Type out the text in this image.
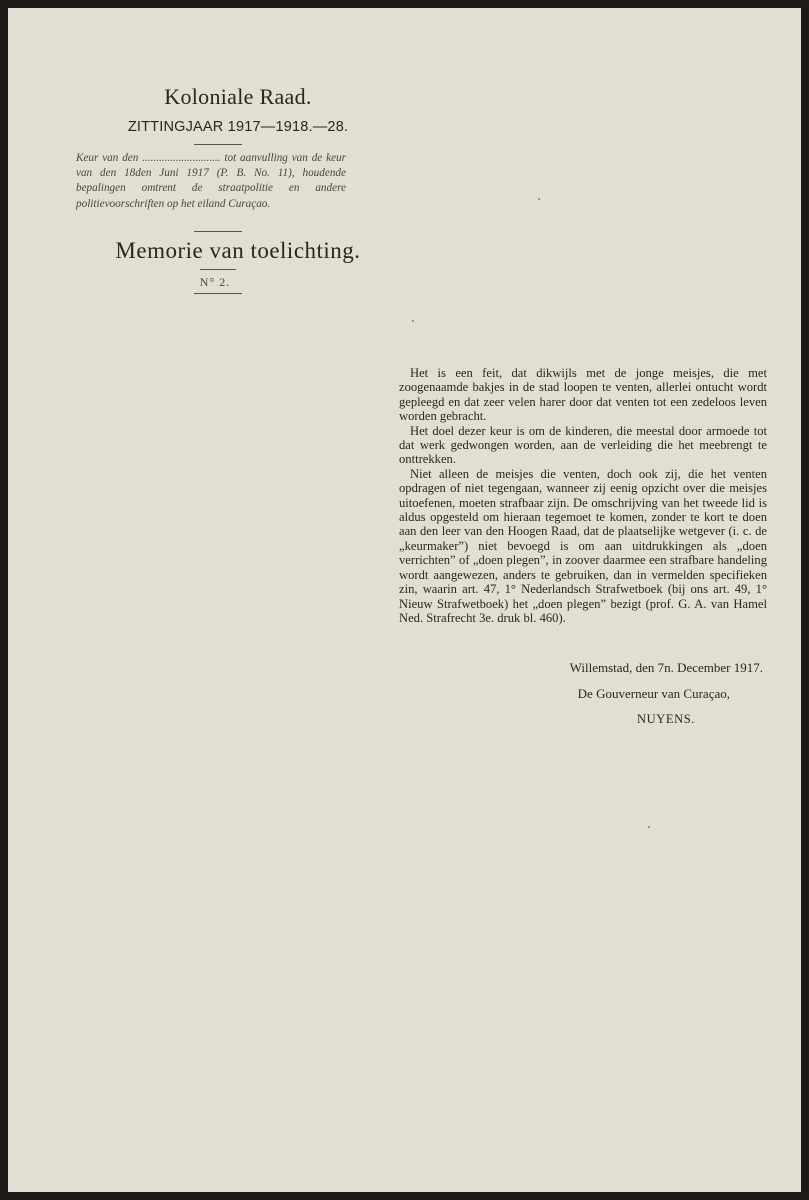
Koloniale Raad.
ZITTINGJAAR 1917—1918.—28.
Keur van den ............................ tot aanvulling van de keur van den 18den Juni 1917 (P. B. No. 11), houdende bepalingen omtrent de straatpolitie en andere politievoorschriften op het eiland Curaçao.
Memorie van toelichting.
N° 2.

Het is een feit, dat dikwijls met de jonge meisjes, die met zoogenaamde bakjes in de stad loopen te venten, allerlei ontucht wordt gepleegd en dat zeer velen harer door dat venten tot een zedeloos leven worden gebracht.

Het doel dezer keur is om de kinderen, die meestal door armoede tot dat werk gedwongen worden, aan de verleiding die het meebrengt te onttrekken.

Niet alleen de meisjes die venten, doch ook zij, die het venten opdragen of niet tegengaan, wanneer zij eenig opzicht over die meisjes uitoefenen, moeten strafbaar zijn. De omschrijving van het tweede lid is aldus opgesteld om hieraan tegemoet te komen, zonder te kort te doen aan den leer van den Hoogen Raad, dat de plaatselijke wetgever (i. c. de „keurmaker”) niet bevoegd is om aan uitdrukkingen als „doen verrichten” of „doen plegen”, in zoover daarmee een strafbare handeling wordt aangewezen, anders te gebruiken, dan in vermelden specifieken zin, waarin art. 47, 1° Nederlandsch Strafwetboek (bij ons art. 49, 1° Nieuw Strafwetboek) het „doen plegen” bezigt (prof. G. A. van Hamel Ned. Strafrecht 3e. druk bl. 460).

Willemstad, den 7n. December 1917.
De Gouverneur van Curaçao,
NUYENS.
